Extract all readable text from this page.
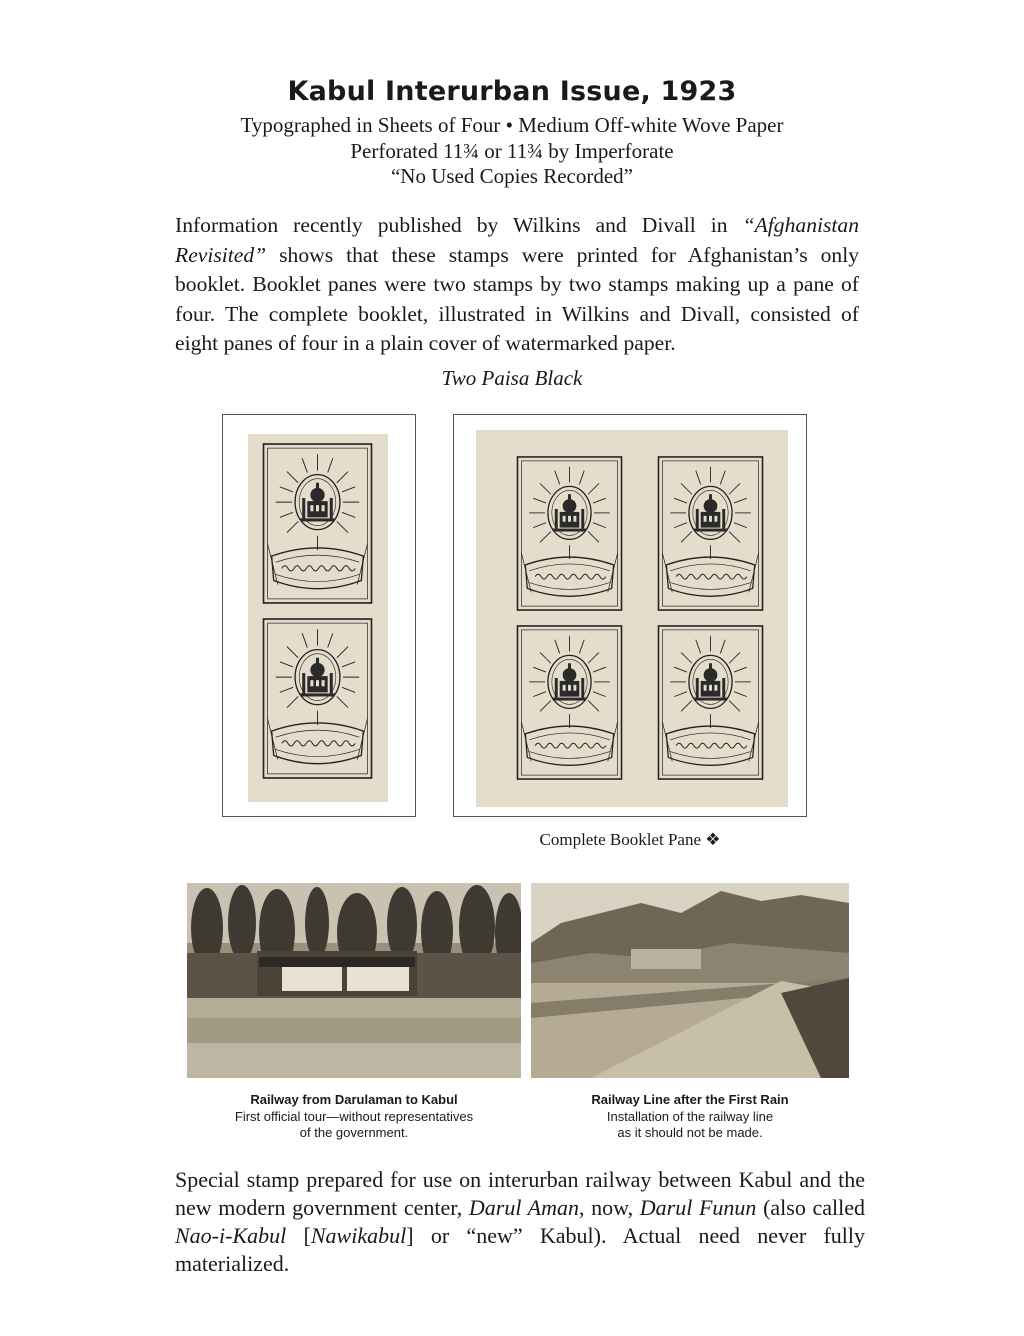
Kabul Interurban Issue, 1923
Typographed in Sheets of Four • Medium Off-white Wove Paper
Perforated 11¾ or 11¾ by Imperforate
“No Used Copies Recorded”
Information recently published by Wilkins and Divall in “Afghanistan Revisited” shows that these stamps were printed for Afghanistan’s only booklet. Booklet panes were two stamps by two stamps making up a pane of four. The complete booklet, illustrated in Wilkins and Divall, consisted of eight panes of four in a plain cover of watermarked paper.
Two Paisa Black
Complete Booklet Pane ❖
Railway from Darulaman to Kabul
First official tour—without representatives
of the government.
Railway Line after the First Rain
Installation of the railway line
as it should not be made.
Special stamp prepared for use on interurban railway between Kabul and the new modern government center, Darul Aman, now, Darul Funun (also called Nao-i-Kabul [Nawikabul] or “new” Kabul). Actual need never fully materialized.
